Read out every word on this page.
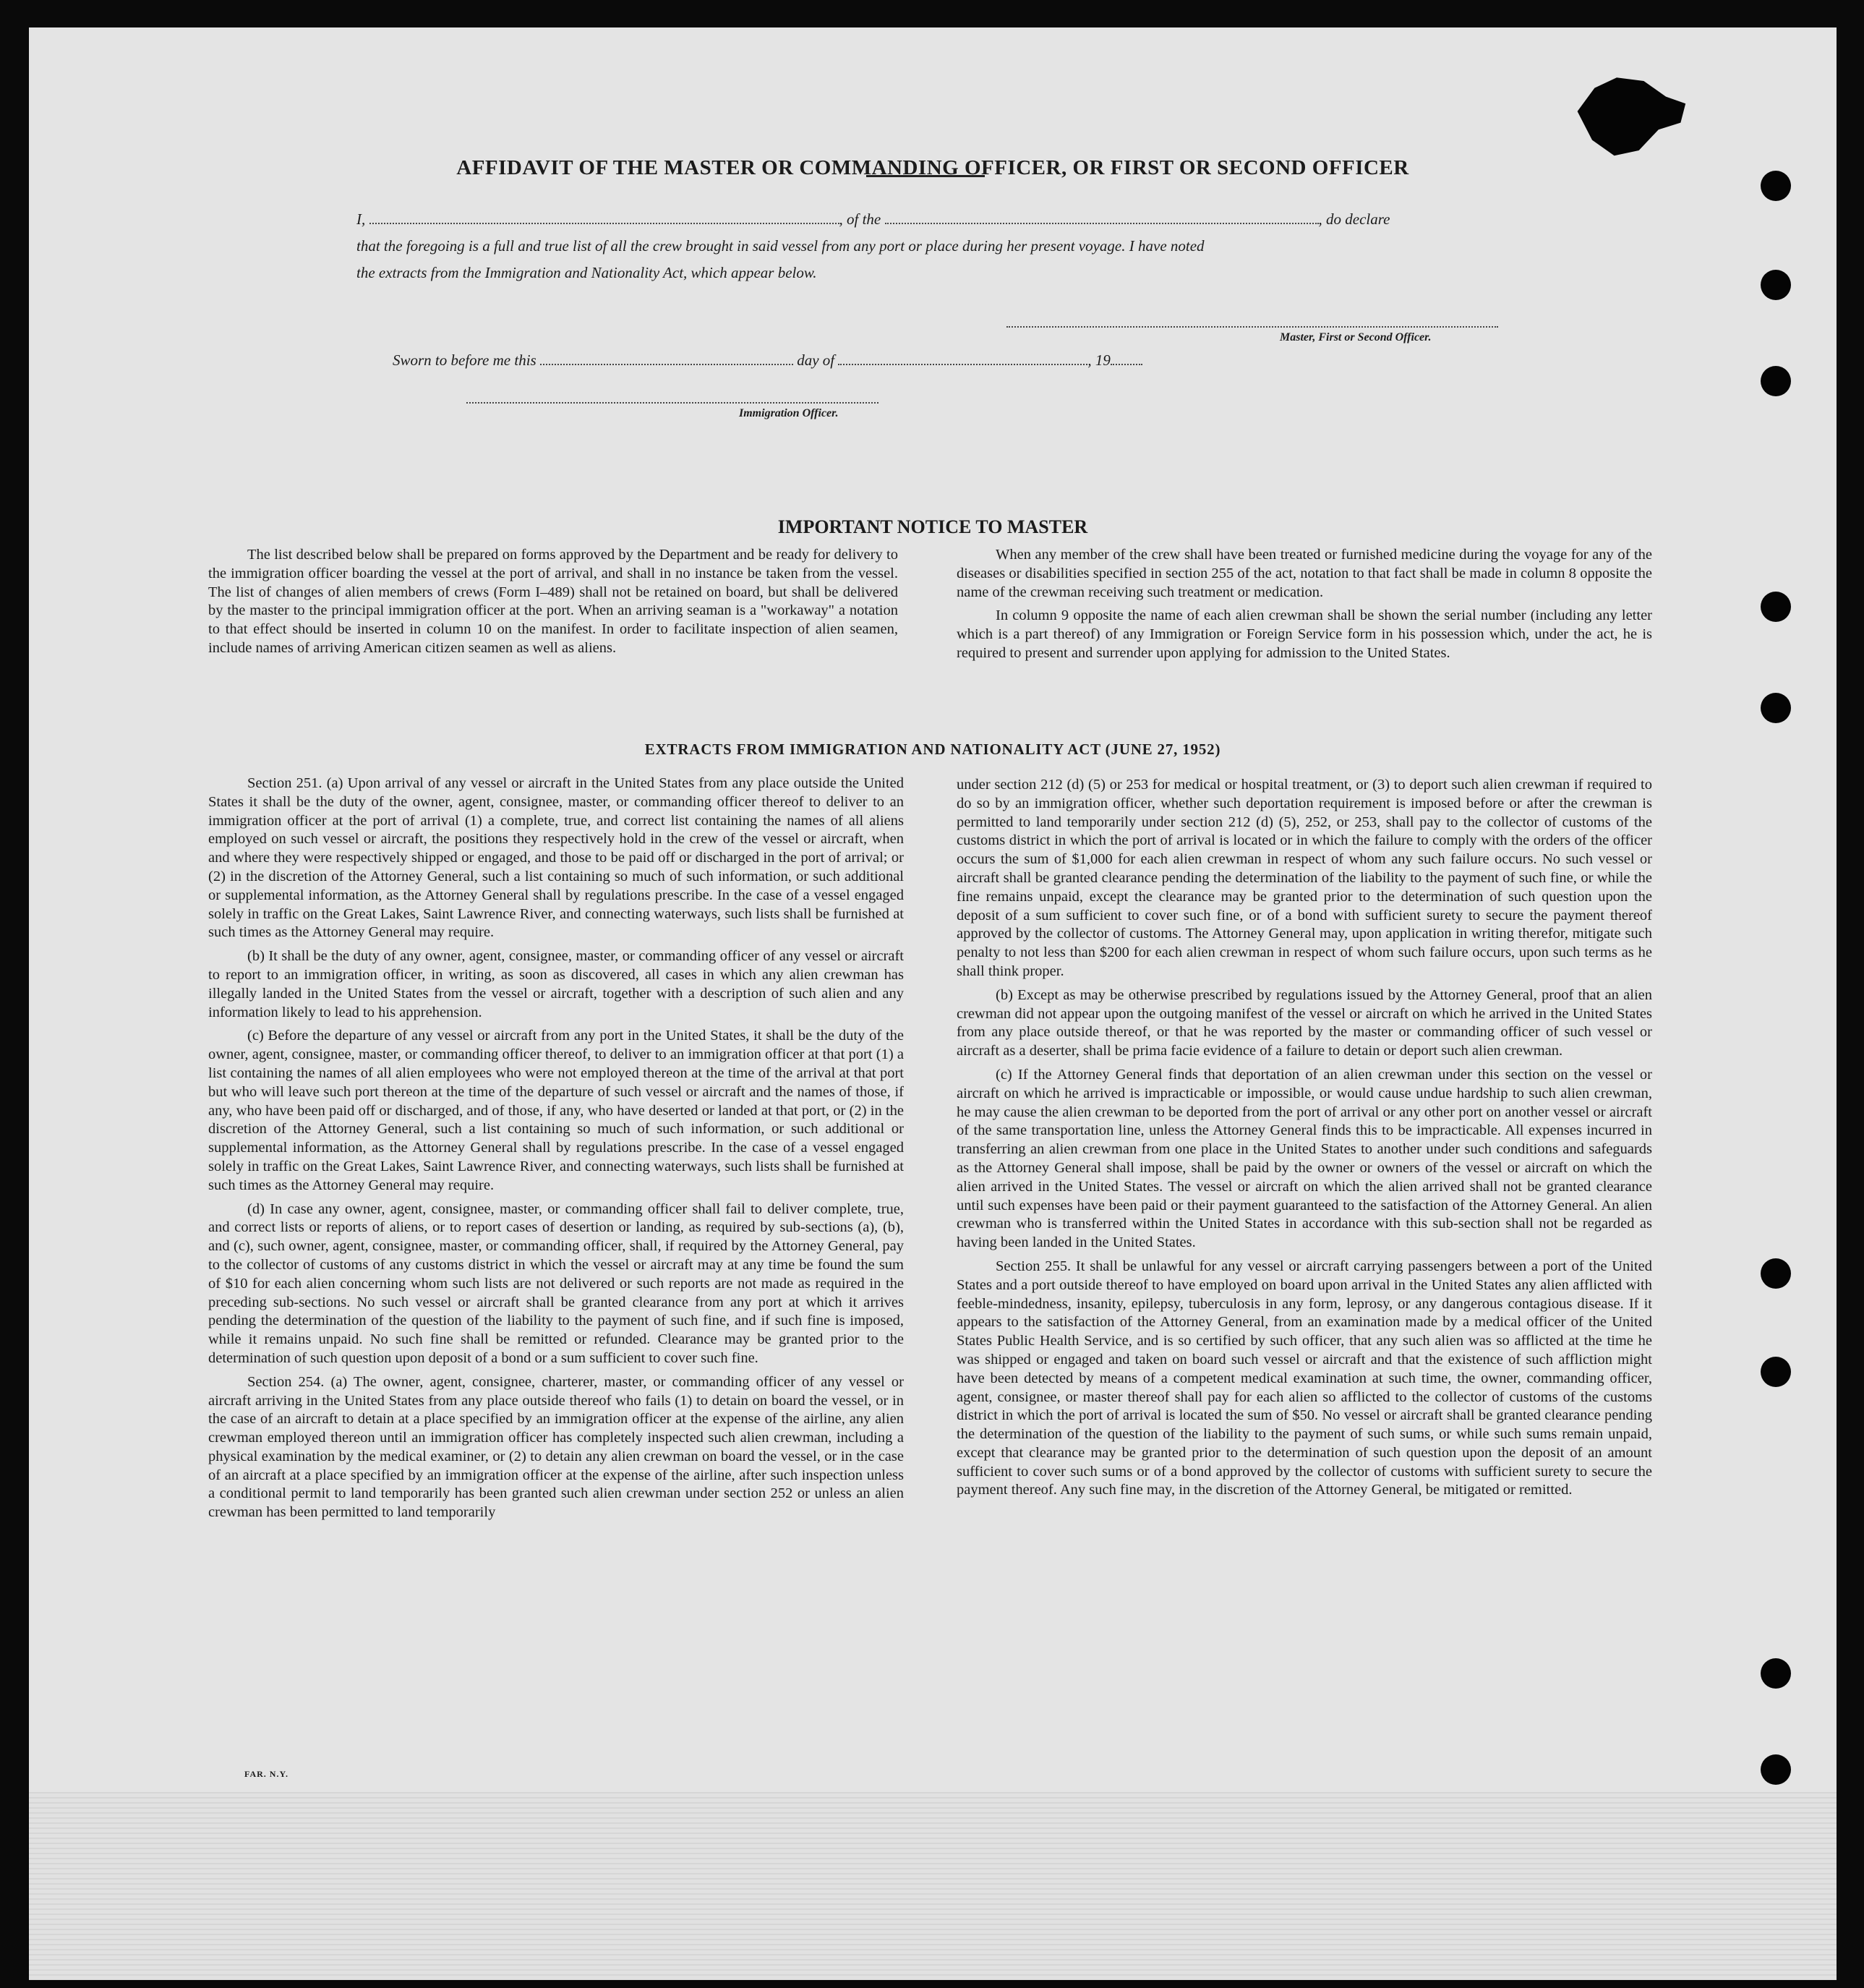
AFFIDAVIT OF THE MASTER OR COMMANDING OFFICER, OR FIRST OR SECOND OFFICER
I,	, of the	, do declare
that the foregoing is a full and true list of all the crew brought in said vessel from any port or place during her present voyage. I have noted
the extracts from the Immigration and Nationality Act, which appear below.
Master, First or Second Officer.
Sworn to before me this	day of	, 19
Immigration Officer.
IMPORTANT NOTICE TO MASTER

The list described below shall be prepared on forms approved by the Department and be ready for delivery to the immigration officer boarding the vessel at the port of arrival, and shall in no instance be taken from the vessel. The list of changes of alien members of crews (Form I–489) shall not be retained on board, but shall be delivered by the master to the principal immigration officer at the port. When an arriving seaman is a "workaway" a notation to that effect should be inserted in column 10 on the manifest. In order to facilitate inspection of alien seamen, include names of arriving American citizen seamen as well as aliens.

When any member of the crew shall have been treated or furnished medicine during the voyage for any of the diseases or disabilities specified in section 255 of the act, notation to that fact shall be made in column 8 opposite the name of the crewman receiving such treatment or medication.

In column 9 opposite the name of each alien crewman shall be shown the serial number (including any letter which is a part thereof) of any Immigration or Foreign Service form in his possession which, under the act, he is required to present and surrender upon applying for admission to the United States.

EXTRACTS FROM IMMIGRATION AND NATIONALITY ACT (JUNE 27, 1952)

Section 251. (a) Upon arrival of any vessel or aircraft in the United States from any place outside the United States it shall be the duty of the owner, agent, consignee, master, or commanding officer thereof to deliver to an immigration officer at the port of arrival (1) a complete, true, and correct list containing the names of all aliens employed on such vessel or aircraft, the positions they respectively hold in the crew of the vessel or aircraft, when and where they were respectively shipped or engaged, and those to be paid off or discharged in the port of arrival; or (2) in the discretion of the Attorney General, such a list containing so much of such information, or such additional or supplemental information, as the Attorney General shall by regulations prescribe. In the case of a vessel engaged solely in traffic on the Great Lakes, Saint Lawrence River, and connecting waterways, such lists shall be furnished at such times as the Attorney General may require.

(b) It shall be the duty of any owner, agent, consignee, master, or commanding officer of any vessel or aircraft to report to an immigration officer, in writing, as soon as discovered, all cases in which any alien crewman has illegally landed in the United States from the vessel or aircraft, together with a description of such alien and any information likely to lead to his apprehension.

(c) Before the departure of any vessel or aircraft from any port in the United States, it shall be the duty of the owner, agent, consignee, master, or commanding officer thereof, to deliver to an immigration officer at that port (1) a list containing the names of all alien employees who were not employed thereon at the time of the arrival at that port but who will leave such port thereon at the time of the departure of such vessel or aircraft and the names of those, if any, who have been paid off or discharged, and of those, if any, who have deserted or landed at that port, or (2) in the discretion of the Attorney General, such a list containing so much of such information, or such additional or supplemental information, as the Attorney General shall by regulations prescribe. In the case of a vessel engaged solely in traffic on the Great Lakes, Saint Lawrence River, and connecting waterways, such lists shall be furnished at such times as the Attorney General may require.

(d) In case any owner, agent, consignee, master, or commanding officer shall fail to deliver complete, true, and correct lists or reports of aliens, or to report cases of desertion or landing, as required by sub-sections (a), (b), and (c), such owner, agent, consignee, master, or commanding officer, shall, if required by the Attorney General, pay to the collector of customs of any customs district in which the vessel or aircraft may at any time be found the sum of $10 for each alien concerning whom such lists are not delivered or such reports are not made as required in the preceding sub-sections. No such vessel or aircraft shall be granted clearance from any port at which it arrives pending the determination of the question of the liability to the payment of such fine, and if such fine is imposed, while it remains unpaid. No such fine shall be remitted or refunded. Clearance may be granted prior to the determination of such question upon deposit of a bond or a sum sufficient to cover such fine.

Section 254. (a) The owner, agent, consignee, charterer, master, or commanding officer of any vessel or aircraft arriving in the United States from any place outside thereof who fails (1) to detain on board the vessel, or in the case of an aircraft to detain at a place specified by an immigration officer at the expense of the airline, any alien crewman employed thereon until an immigration officer has completely inspected such alien crewman, including a physical examination by the medical examiner, or (2) to detain any alien crewman on board the vessel, or in the case of an aircraft at a place specified by an immigration officer at the expense of the airline, after such inspection unless a conditional permit to land temporarily has been granted such alien crewman under section 252 or unless an alien crewman has been permitted to land temporarily

under section 212 (d) (5) or 253 for medical or hospital treatment, or (3) to deport such alien crewman if required to do so by an immigration officer, whether such deportation requirement is imposed before or after the crewman is permitted to land temporarily under section 212 (d) (5), 252, or 253, shall pay to the collector of customs of the customs district in which the port of arrival is located or in which the failure to comply with the orders of the officer occurs the sum of $1,000 for each alien crewman in respect of whom any such failure occurs. No such vessel or aircraft shall be granted clearance pending the determination of the liability to the payment of such fine, or while the fine remains unpaid, except the clearance may be granted prior to the determination of such question upon the deposit of a sum sufficient to cover such fine, or of a bond with sufficient surety to secure the payment thereof approved by the collector of customs. The Attorney General may, upon application in writing therefor, mitigate such penalty to not less than $200 for each alien crewman in respect of whom such failure occurs, upon such terms as he shall think proper.

(b) Except as may be otherwise prescribed by regulations issued by the Attorney General, proof that an alien crewman did not appear upon the outgoing manifest of the vessel or aircraft on which he arrived in the United States from any place outside thereof, or that he was reported by the master or commanding officer of such vessel or aircraft as a deserter, shall be prima facie evidence of a failure to detain or deport such alien crewman.

(c) If the Attorney General finds that deportation of an alien crewman under this section on the vessel or aircraft on which he arrived is impracticable or impossible, or would cause undue hardship to such alien crewman, he may cause the alien crewman to be deported from the port of arrival or any other port on another vessel or aircraft of the same transportation line, unless the Attorney General finds this to be impracticable. All expenses incurred in transferring an alien crewman from one place in the United States to another under such conditions and safeguards as the Attorney General shall impose, shall be paid by the owner or owners of the vessel or aircraft on which the alien arrived in the United States. The vessel or aircraft on which the alien arrived shall not be granted clearance until such expenses have been paid or their payment guaranteed to the satisfaction of the Attorney General. An alien crewman who is transferred within the United States in accordance with this sub-section shall not be regarded as having been landed in the United States.

Section 255. It shall be unlawful for any vessel or aircraft carrying passengers between a port of the United States and a port outside thereof to have employed on board upon arrival in the United States any alien afflicted with feeble-mindedness, insanity, epilepsy, tuberculosis in any form, leprosy, or any dangerous contagious disease. If it appears to the satisfaction of the Attorney General, from an examination made by a medical officer of the United States Public Health Service, and is so certified by such officer, that any such alien was so afflicted at the time he was shipped or engaged and taken on board such vessel or aircraft and that the existence of such affliction might have been detected by means of a competent medical examination at such time, the owner, commanding officer, agent, consignee, or master thereof shall pay for each alien so afflicted to the collector of customs of the customs district in which the port of arrival is located the sum of $50. No vessel or aircraft shall be granted clearance pending the determination of the question of the liability to the payment of such sums, or while such sums remain unpaid, except that clearance may be granted prior to the determination of such question upon the deposit of an amount sufficient to cover such sums or of a bond approved by the collector of customs with sufficient surety to secure the payment thereof. Any such fine may, in the discretion of the Attorney General, be mitigated or remitted.

FAR. N.Y.
